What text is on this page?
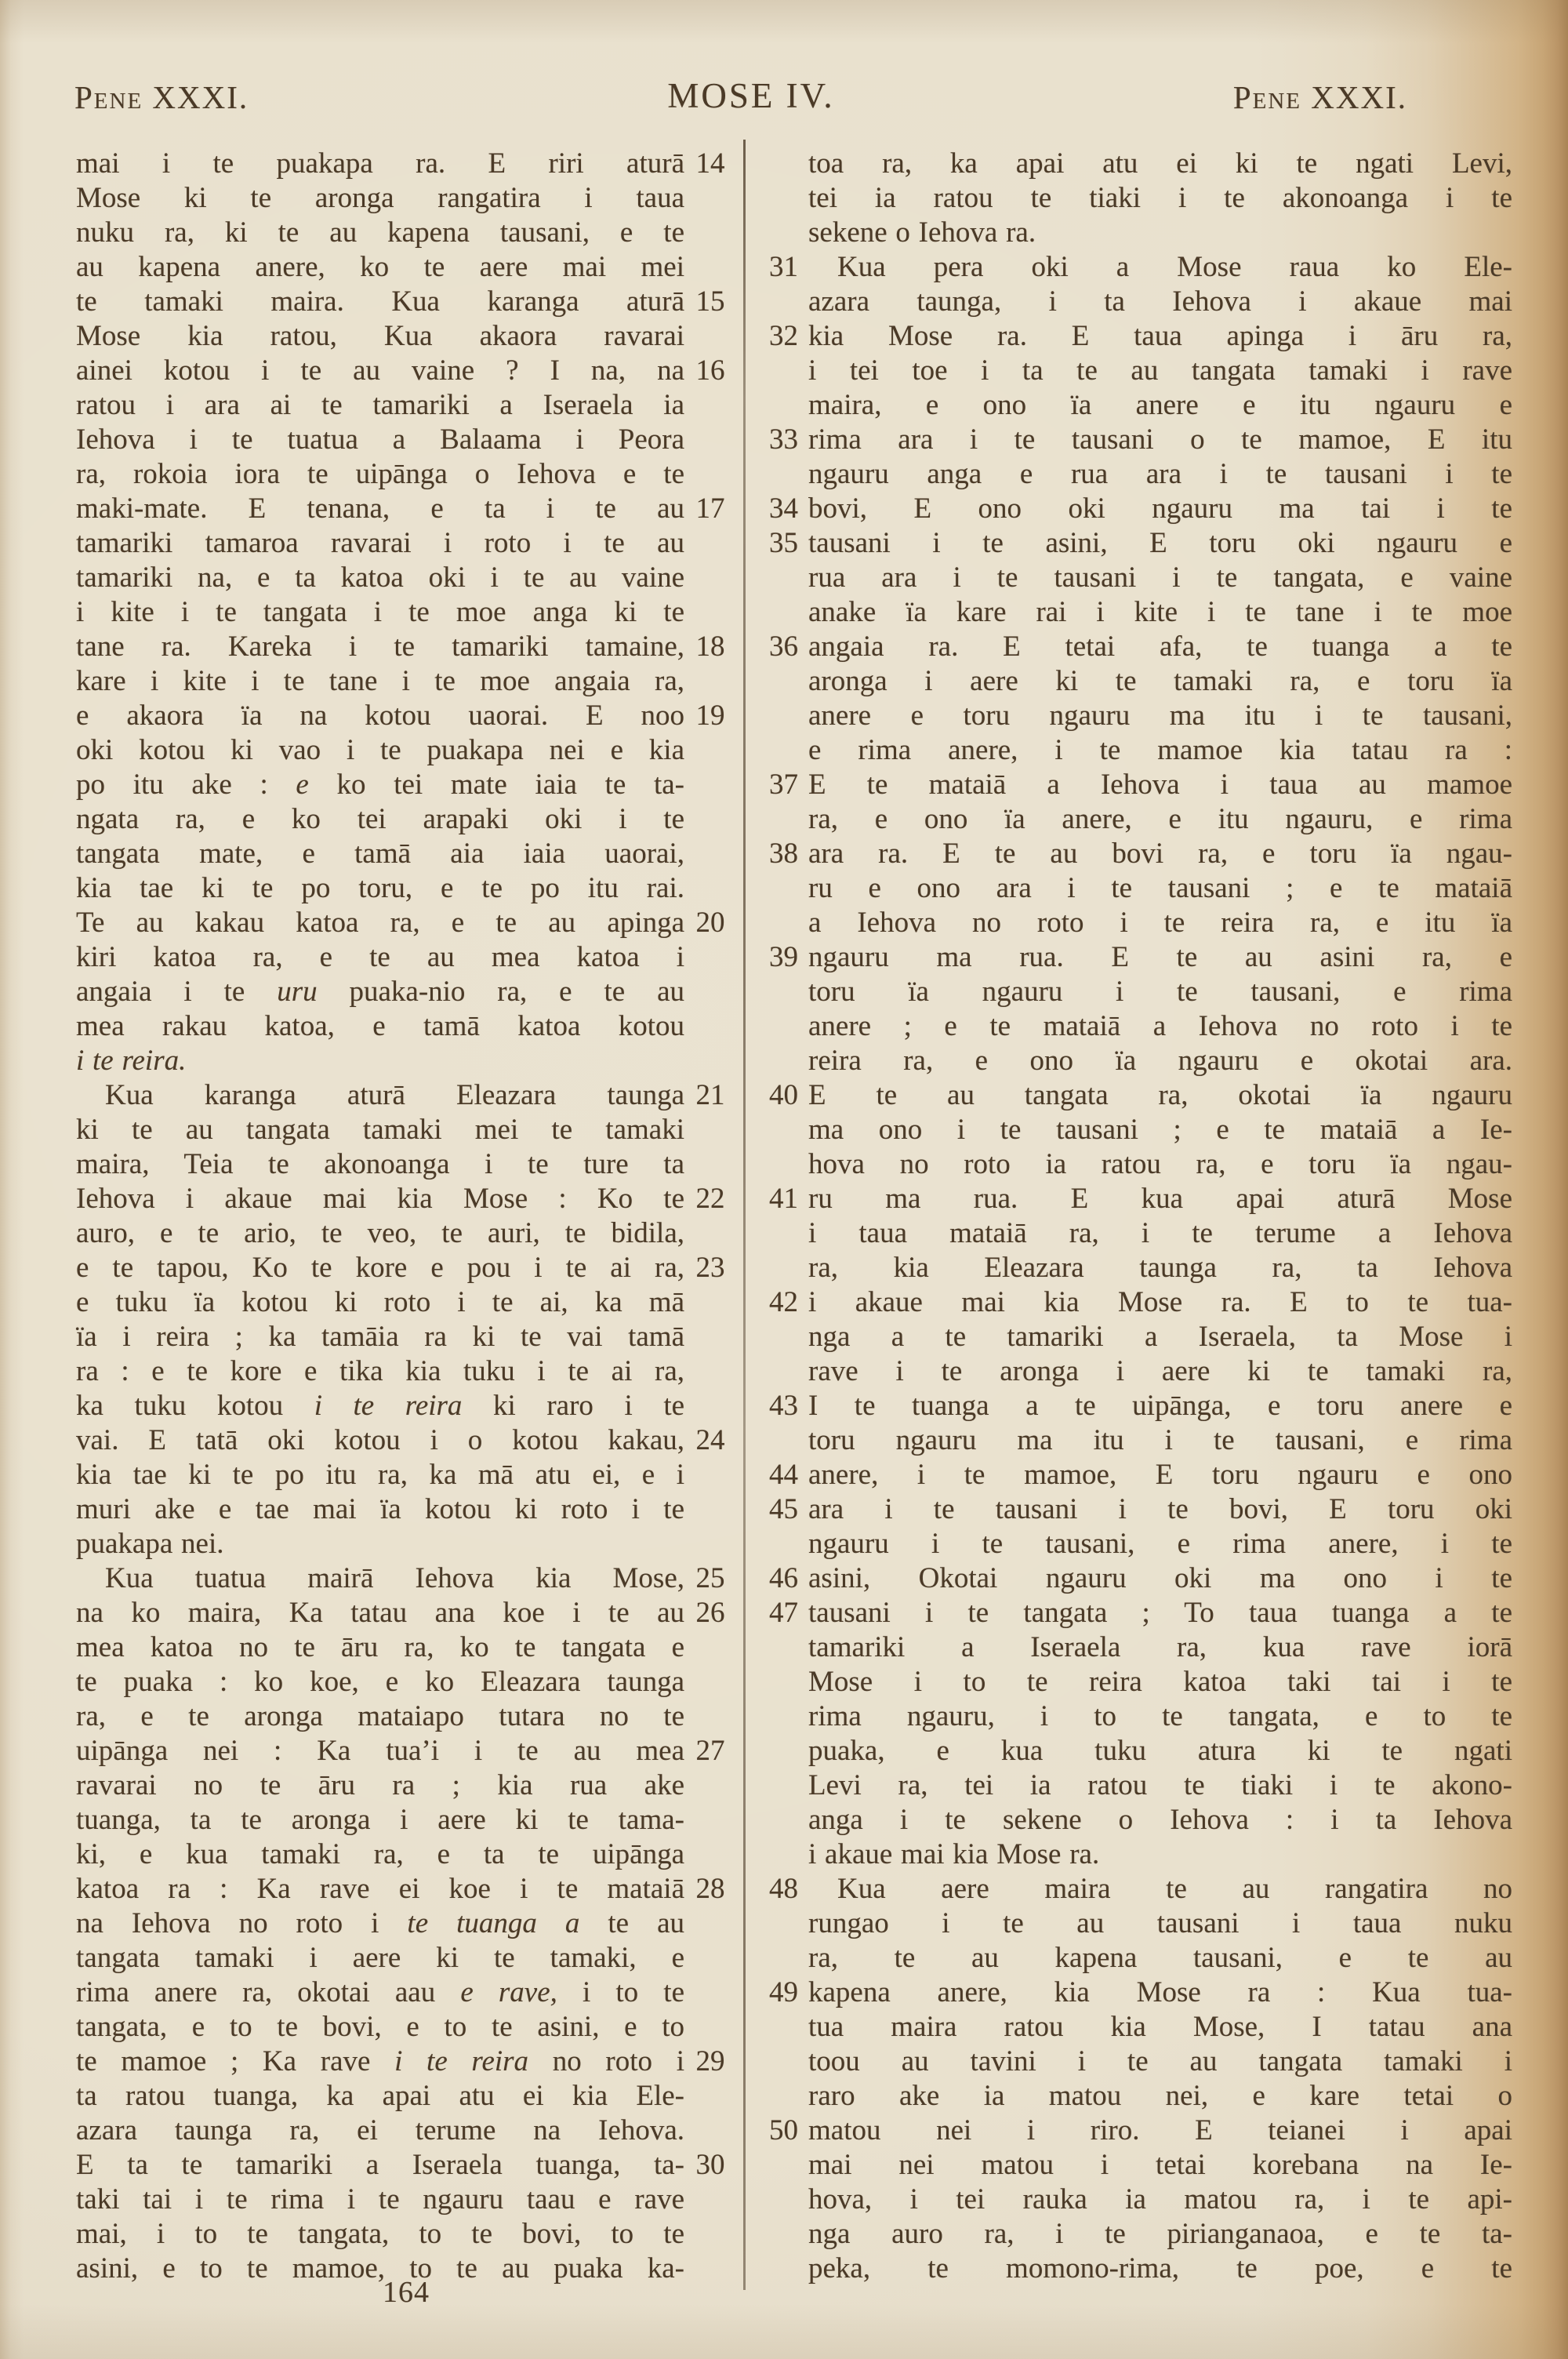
Pene XXXI.	MOSE IV.	Pene XXXI.
mai i te puakapa ra. E riri aturā
Mose ki te aronga rangatira i taua
nuku ra, ki te au kapena tausani, e te
au kapena anere, ko te aere mai mei
te tamaki maira. Kua karanga aturā
Mose kia ratou, Kua akaora ravarai
ainei kotou i te au vaine ? I na, na
ratou i ara ai te tamariki a Iseraela ia
Iehova i te tuatua a Balaama i Peora
ra, rokoia iora te uipānga o Iehova e te
maki-mate. E tenana, e ta i te au
tamariki tamaroa ravarai i roto i te au
tamariki na, e ta katoa oki i te au vaine
i kite i te tangata i te moe anga ki te
tane ra. Kareka i te tamariki tamaine,
kare i kite i te tane i te moe angaia ra,
e akaora ïa na kotou uaorai. E noo
oki kotou ki vao i te puakapa nei e kia
po itu ake : e ko tei mate iaia te ta-
ngata ra, e ko tei arapaki oki i te
tangata mate, e tamā aia iaia uaorai,
kia tae ki te po toru, e te po itu rai.
Te au kakau katoa ra, e te au apinga
kiri katoa ra, e te au mea katoa i
angaia i te uru puaka-nio ra, e te au
mea rakau katoa, e tamā katoa kotou
i te reira.
 Kua karanga aturā Eleazara taunga
ki te au tangata tamaki mei te tamaki
maira, Teia te akonoanga i te ture ta
Iehova i akaue mai kia Mose : Ko te
auro, e te ario, te veo, te auri, te bidila,
e te tapou, Ko te kore e pou i te ai ra,
e tuku ïa kotou ki roto i te ai, ka mā
ïa i reira ; ka tamāia ra ki te vai tamā
ra : e te kore e tika kia tuku i te ai ra,
ka tuku kotou i te reira ki raro i te
vai. E tatā oki kotou i o kotou kakau,
kia tae ki te po itu ra, ka mā atu ei, e i
muri ake e tae mai ïa kotou ki roto i te
puakapa nei.
 Kua tuatua mairā Iehova kia Mose,
na ko maira, Ka tatau ana koe i te au
mea katoa no te āru ra, ko te tangata e
te puaka : ko koe, e ko Eleazara taunga
ra, e te aronga mataiapo tutara no te
uipānga nei : Ka tua’i i te au mea
ravarai no te āru ra ; kia rua ake
tuanga, ta te aronga i aere ki te tama-
ki, e kua tamaki ra, e ta te uipānga
katoa ra : Ka rave ei koe i te mataiā
na Iehova no roto i te tuanga a te au
tangata tamaki i aere ki te tamaki, e
rima anere ra, okotai aau e rave, i to te
tangata, e to te bovi, e to te asini, e to
te mamoe ; Ka rave i te reira no roto i
ta ratou tuanga, ka apai atu ei kia Ele-
azara taunga ra, ei terume na Iehova.
E ta te tamariki a Iseraela tuanga, ta-
taki tai i te rima i te ngauru taau e rave
mai, i to te tangata, to te bovi, to te
asini, e to te mamoe, to te au puaka ka-
14
15
16
17
18
19
20
21
22
23
24
25
26
27
28
29
30
31
32
33
34
35
36
37
38
39
40
41
42
43
44
45
46
47
48
49
50
toa ra, ka apai atu ei ki te ngati Levi,
tei ia ratou te tiaki i te akonoanga i te
sekene o Iehova ra.
 Kua pera oki a Mose raua ko Ele-
azara taunga, i ta Iehova i akaue mai
kia Mose ra. E taua apinga i āru ra,
i tei toe i ta te au tangata tamaki i rave
maira, e ono ïa anere e itu ngauru e
rima ara i te tausani o te mamoe, E itu
ngauru anga e rua ara i te tausani i te
bovi, E ono oki ngauru ma tai i te
tausani i te asini, E toru oki ngauru e
rua ara i te tausani i te tangata, e vaine
anake ïa kare rai i kite i te tane i te moe
angaia ra. E tetai afa, te tuanga a te
aronga i aere ki te tamaki ra, e toru ïa
anere e toru ngauru ma itu i te tausani,
e rima anere, i te mamoe kia tatau ra :
E te mataiā a Iehova i taua au mamoe
ra, e ono ïa anere, e itu ngauru, e rima
ara ra. E te au bovi ra, e toru ïa ngau-
ru e ono ara i te tausani ; e te mataiā
a Iehova no roto i te reira ra, e itu ïa
ngauru ma rua. E te au asini ra, e
toru ïa ngauru i te tausani, e rima
anere ; e te mataiā a Iehova no roto i te
reira ra, e ono ïa ngauru e okotai ara.
E te au tangata ra, okotai ïa ngauru
ma ono i te tausani ; e te mataiā a Ie-
hova no roto ia ratou ra, e toru ïa ngau-
ru ma rua. E kua apai aturā Mose
i taua mataiā ra, i te terume a Iehova
ra, kia Eleazara taunga ra, ta Iehova
i akaue mai kia Mose ra. E to te tua-
nga a te tamariki a Iseraela, ta Mose i
rave i te aronga i aere ki te tamaki ra,
I te tuanga a te uipānga, e toru anere e
toru ngauru ma itu i te tausani, e rima
anere, i te mamoe, E toru ngauru e ono
ara i te tausani i te bovi, E toru oki
ngauru i te tausani, e rima anere, i te
asini, Okotai ngauru oki ma ono i te
tausani i te tangata ; To taua tuanga a te
tamariki a Iseraela ra, kua rave iorā
Mose i to te reira katoa taki tai i te
rima ngauru, i to te tangata, e to te
puaka, e kua tuku atura ki te ngati
Levi ra, tei ia ratou te tiaki i te akono-
anga i te sekene o Iehova : i ta Iehova
i akaue mai kia Mose ra.
 Kua aere maira te au rangatira no
rungao i te au tausani i taua nuku
ra, te au kapena tausani, e te au
kapena anere, kia Mose ra : Kua tua-
tua maira ratou kia Mose, I tatau ana
toou au tavini i te au tangata tamaki i
raro ake ia matou nei, e kare tetai o
matou nei i riro. E teianei i apai
mai nei matou i tetai korebana na Ie-
hova, i tei rauka ia matou ra, i te api-
nga auro ra, i te pirianganaoa, e te ta-
peka, te momono-rima, te poe, e te
164
